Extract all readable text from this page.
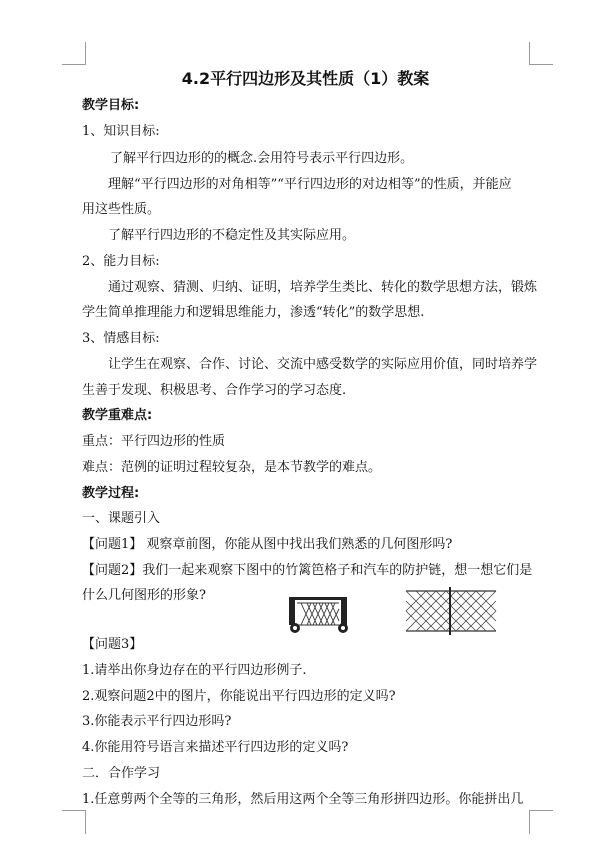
4.2平行四边形及其性质（1）教案
教学目标:
1、知识目标:
了解平行四边形的的概念.会用符号表示平行四边形。
理解“平行四边形的对角相等”“平行四边形的对边相等”的性质，并能应
用这些性质。
了解平行四边形的不稳定性及其实际应用。
2、能力目标:
通过观察、猜测、归纳、证明，培养学生类比、转化的数学思想方法，锻炼
学生简单推理能力和逻辑思维能力，渗透“转化”的数学思想.
3、情感目标:
让学生在观察、合作、讨论、交流中感受数学的实际应用价值，同时培养学
生善于发现、积极思考、合作学习的学习态度.
教学重难点:
重点：平行四边形的性质
难点：范例的证明过程较复杂，是本节教学的难点。
教学过程:
一、课题引入
【问题1】 观察章前图，你能从图中找出我们熟悉的几何图形吗?
【问题2】我们一起来观察下图中的竹篱笆格子和汽车的防护链，想一想它们是
什么几何图形的形象?
【问题3】
1.请举出你身边存在的平行四边形例子.
2.观察问题2中的图片，你能说出平行四边形的定义吗?
3.你能表示平行四边形吗?
4.你能用符号语言来描述平行四边形的定义吗?
二．合作学习
1.任意剪两个全等的三角形，然后用这两个全等三角形拼四边形。你能拼出几
